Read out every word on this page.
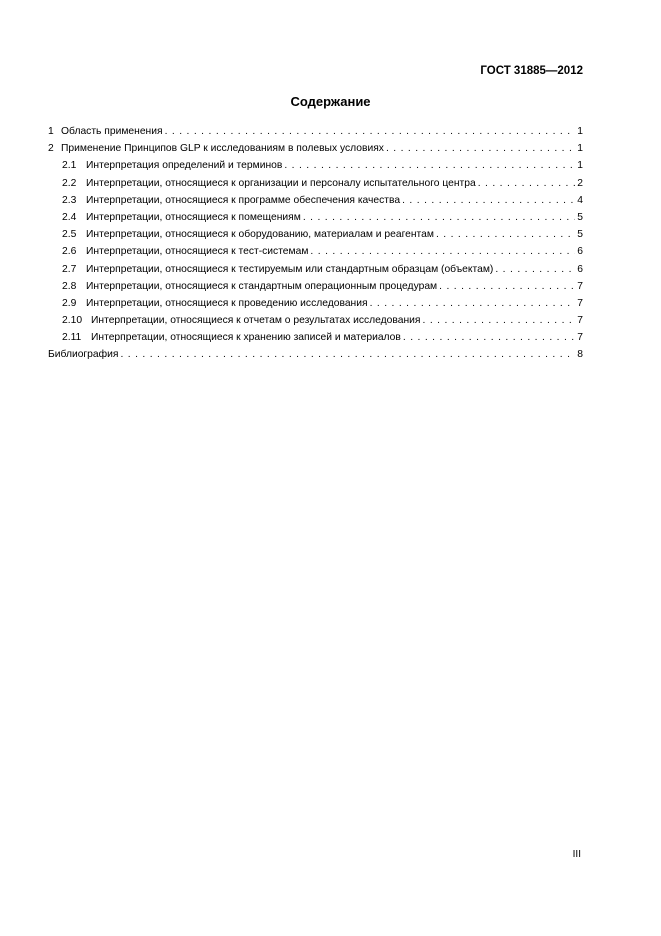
ГОСТ 31885—2012
Содержание
1 Область применения . . .	1
2 Применение Принципов GLP к исследованиям в полевых условиях . . .	1
2.1 Интерпретация определений и терминов . . .	1
2.2 Интерпретации, относящиеся к организации и персоналу испытательного центра . . .	2
2.3 Интерпретации, относящиеся к программе обеспечения качества . . .	4
2.4 Интерпретации, относящиеся к помещениям . . .	5
2.5 Интерпретации, относящиеся к оборудованию, материалам и реагентам . . .	5
2.6 Интерпретации, относящиеся к тест-системам . . .	6
2.7 Интерпретации, относящиеся к тестируемым или стандартным образцам (объектам) . . .	6
2.8 Интерпретации, относящиеся к стандартным операционным процедурам . . .	7
2.9 Интерпретации, относящиеся к проведению исследования . . .	7
2.10 Интерпретации, относящиеся к отчетам о результатах исследования . . .	7
2.11 Интерпретации, относящиеся к хранению записей и материалов . . .	7
Библиография . . .	8
III
